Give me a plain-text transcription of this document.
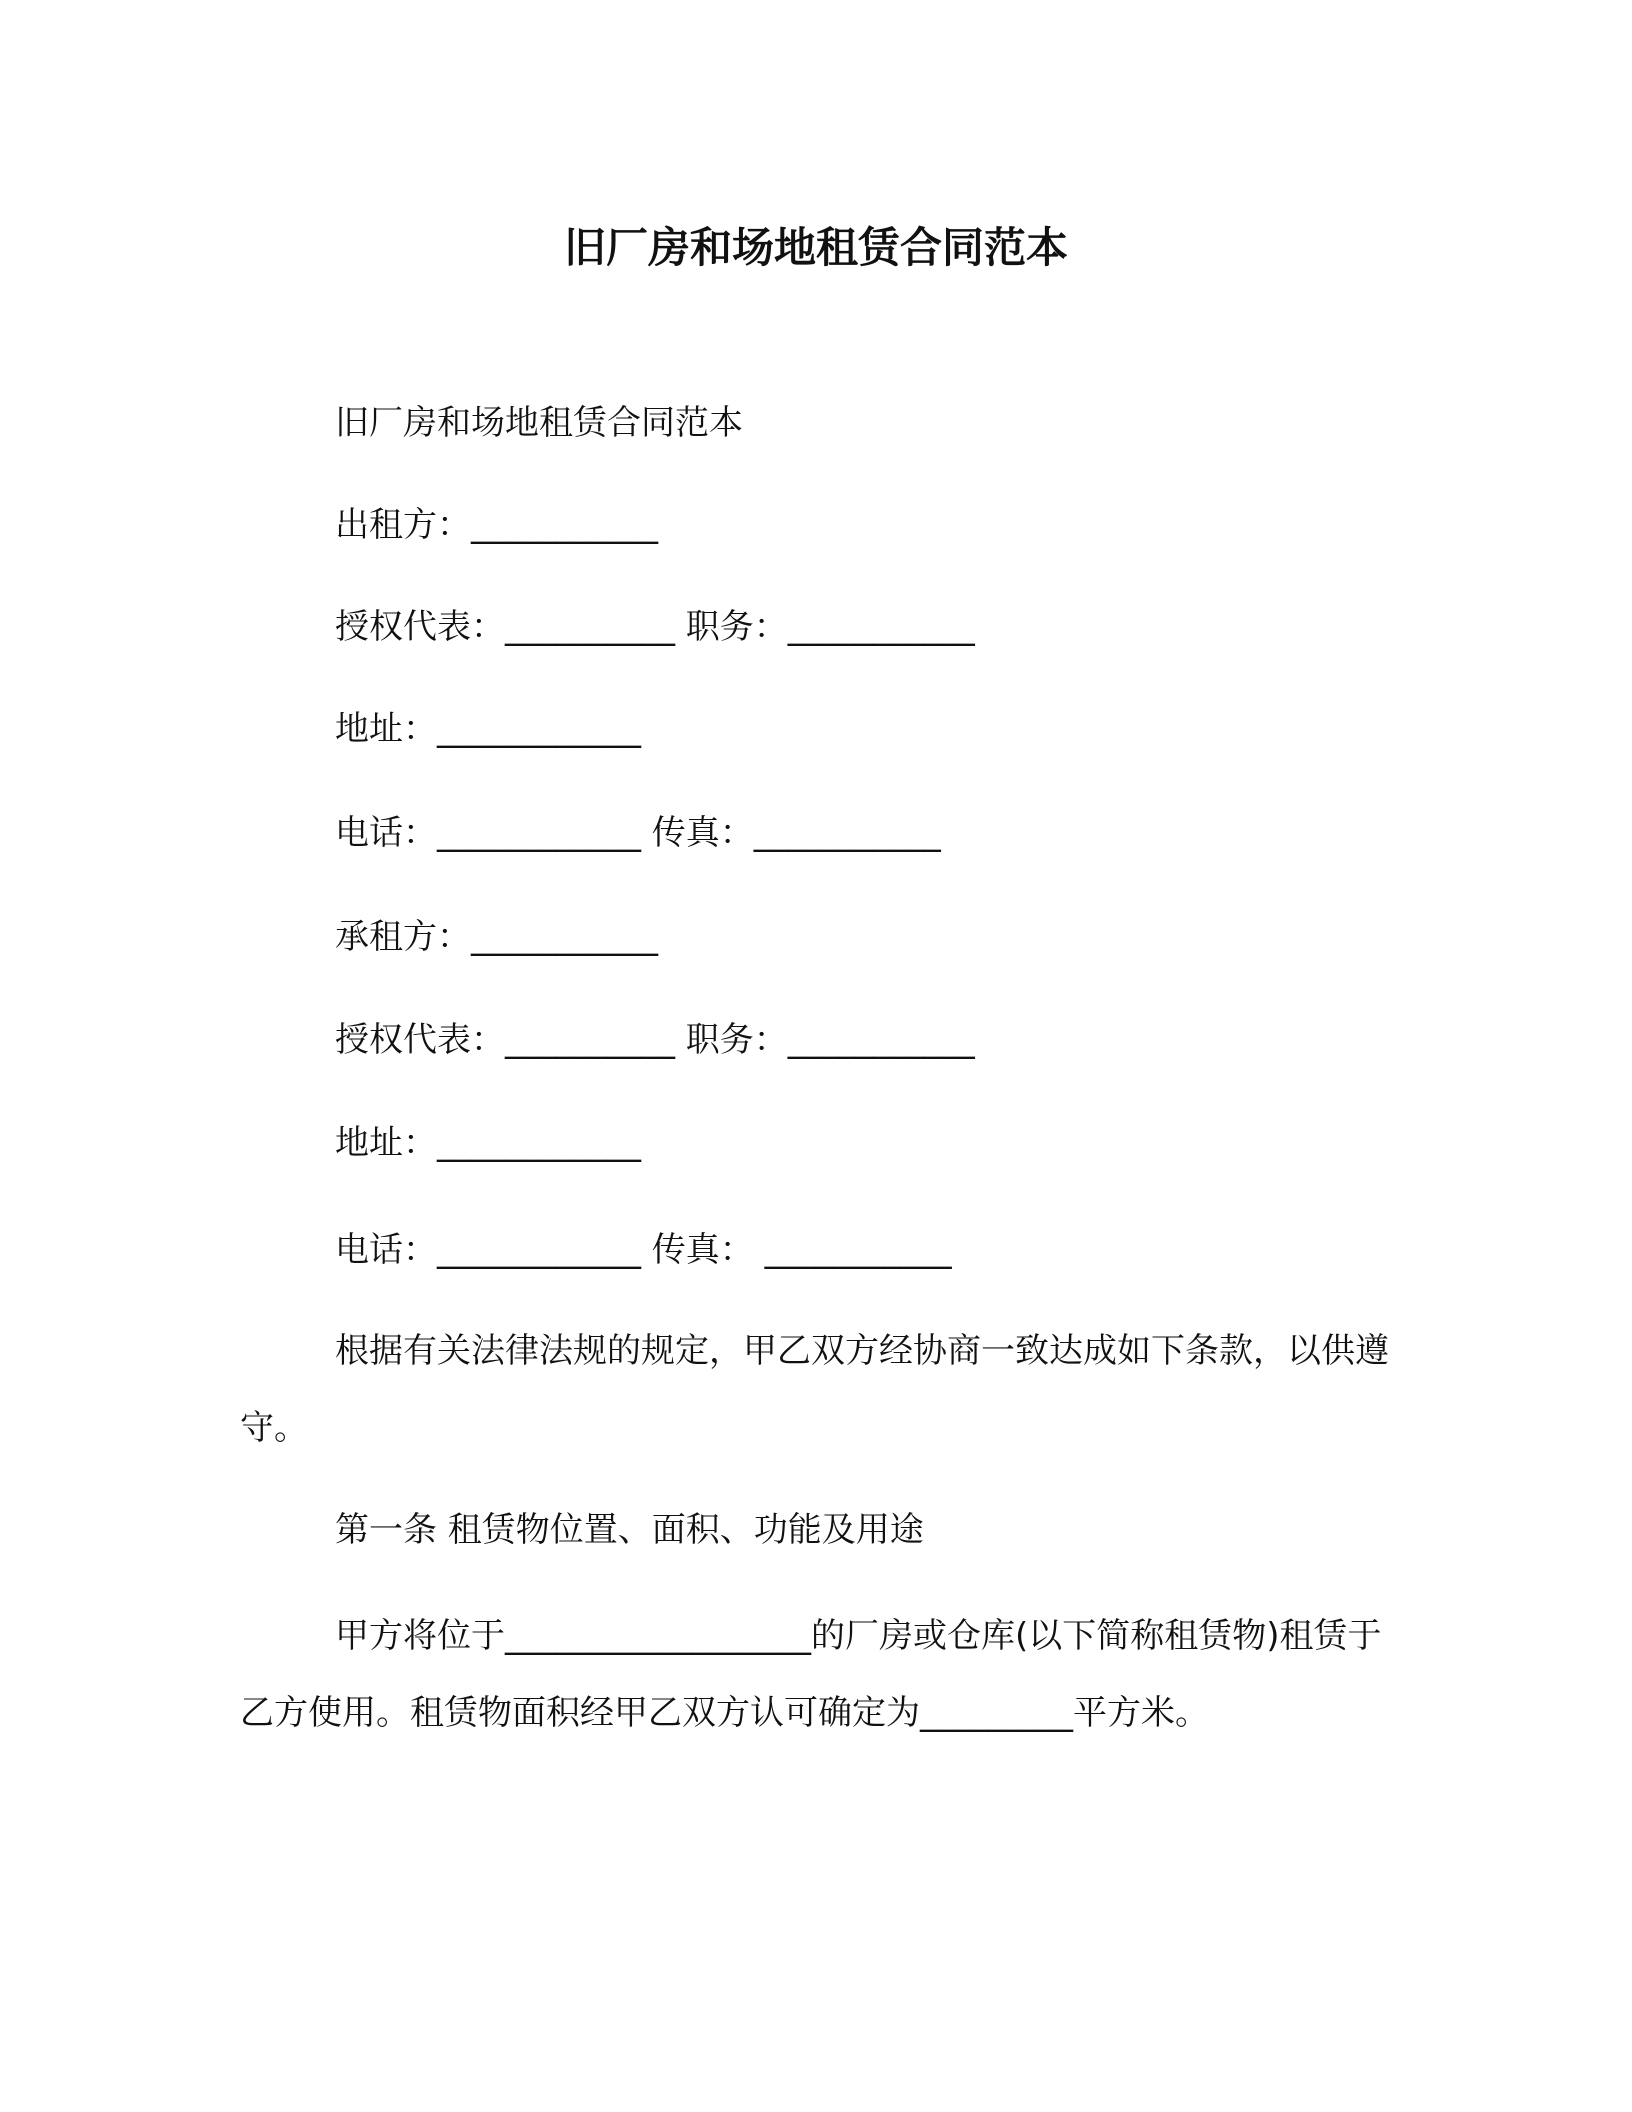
旧厂房和场地租赁合同范本
旧厂房和场地租赁合同范本
出租方：___________
授权代表：__________ 职务：___________
地址：____________
电话：____________ 传真：___________
承租方：___________
授权代表：__________ 职务：___________
地址：____________
电话：____________ 传真： ___________
根据有关法律法规的规定，甲乙双方经协商一致达成如下条款，以供遵守。
第一条 租赁物位置、面积、功能及用途
甲方将位于__________________的厂房或仓库(以下简称租赁物)租赁于 乙方使用。租赁物面积经甲乙双方认可确定为_________平方米。
